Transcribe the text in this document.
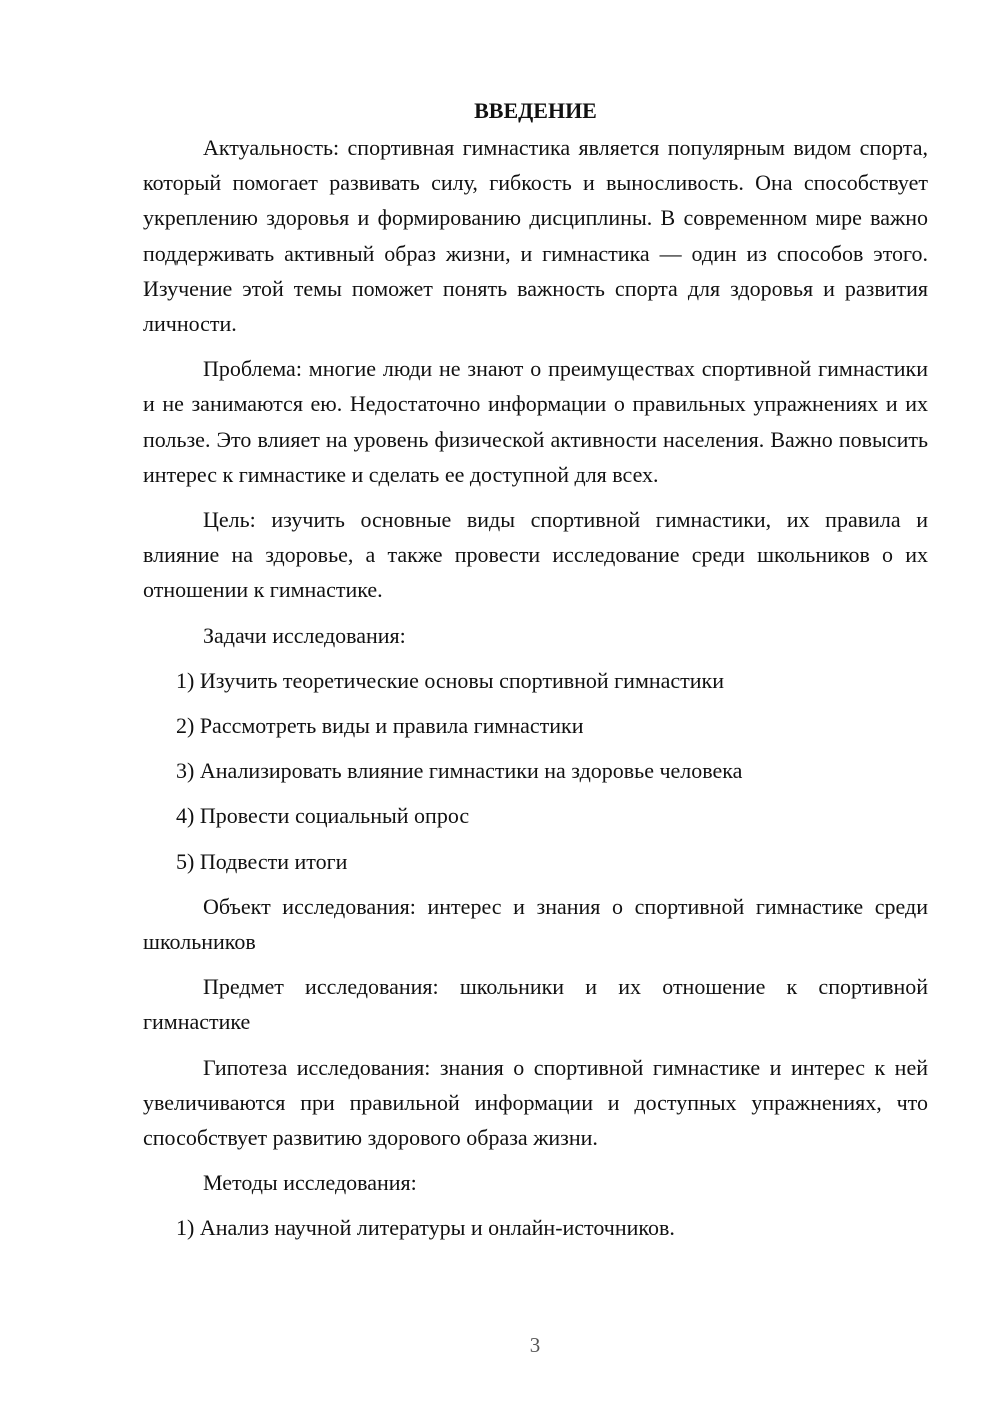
ВВЕДЕНИЕ

Актуальность: спортивная гимнастика является популярным видом спорта, который помогает развивать силу, гибкость и выносливость. Она способствует укреплению здоровья и формированию дисциплины. В современном мире важно поддерживать активный образ жизни, и гимнастика — один из способов этого. Изучение этой темы поможет понять важность спорта для здоровья и развития личности.

Проблема: многие люди не знают о преимуществах спортивной гимнастики и не занимаются ею. Недостаточно информации о правильных упражнениях и их пользе. Это влияет на уровень физической активности населения. Важно повысить интерес к гимнастике и сделать ее доступной для всех.

Цель: изучить основные виды спортивной гимнастики, их правила и влияние на здоровье, а также провести исследование среди школьников о их отношении к гимнастике.

Задачи исследования:

1) Изучить теоретические основы спортивной гимнастики

2) Рассмотреть виды и правила гимнастики

3) Анализировать влияние гимнастики на здоровье человека

4) Провести социальный опрос

5) Подвести итоги

Объект исследования: интерес и знания о спортивной гимнастике среди школьников

Предмет исследования: школьники и их отношение к спортивной гимнастике

Гипотеза исследования: знания о спортивной гимнастике и интерес к ней увеличиваются при правильной информации и доступных упражнениях, что способствует развитию здорового образа жизни.

Методы исследования:

1) Анализ научной литературы и онлайн-источников.

3
